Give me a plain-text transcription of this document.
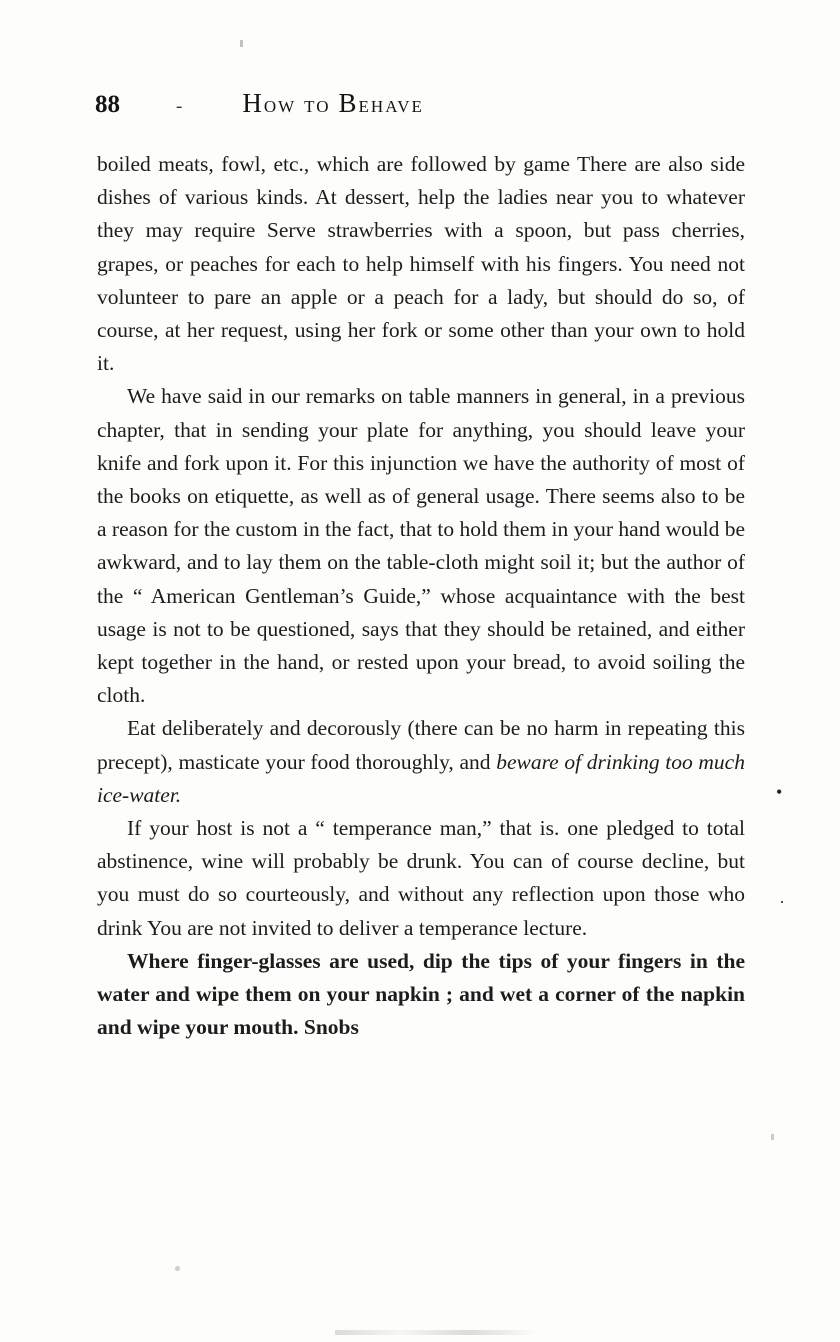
88	- How to Behave

boiled meats, fowl, etc., which are followed by game There are also side dishes of various kinds. At dessert, help the ladies near you to whatever they may require Serve strawberries with a spoon, but pass cherries, grapes, or peaches for each to help himself with his fingers. You need not volunteer to pare an apple or a peach for a lady, but should do so, of course, at her request, using her fork or some other than your own to hold it.

We have said in our remarks on table manners in general, in a previous chapter, that in sending your plate for anything, you should leave your knife and fork upon it. For this injunction we have the authority of most of the books on etiquette, as well as of general usage. There seems also to be a reason for the custom in the fact, that to hold them in your hand would be awkward, and to lay them on the table-cloth might soil it; but the author of the “ American Gentleman’s Guide,” whose acquaintance with the best usage is not to be questioned, says that they should be retained, and either kept together in the hand, or rested upon your bread, to avoid soiling the cloth.

Eat deliberately and decorously (there can be no harm in repeating this precept), masticate your food thoroughly, and beware of drinking too much ice-water.

If your host is not a “ temperance man,” that is. one pledged to total abstinence, wine will probably be drunk. You can of course decline, but you must do so courteously, and without any reflection upon those who drink You are not invited to deliver a temperance lecture.

Where finger-glasses are used, dip the tips of your fingers in the water and wipe them on your napkin ; and wet a corner of the napkin and wipe your mouth. Snobs

•
·
